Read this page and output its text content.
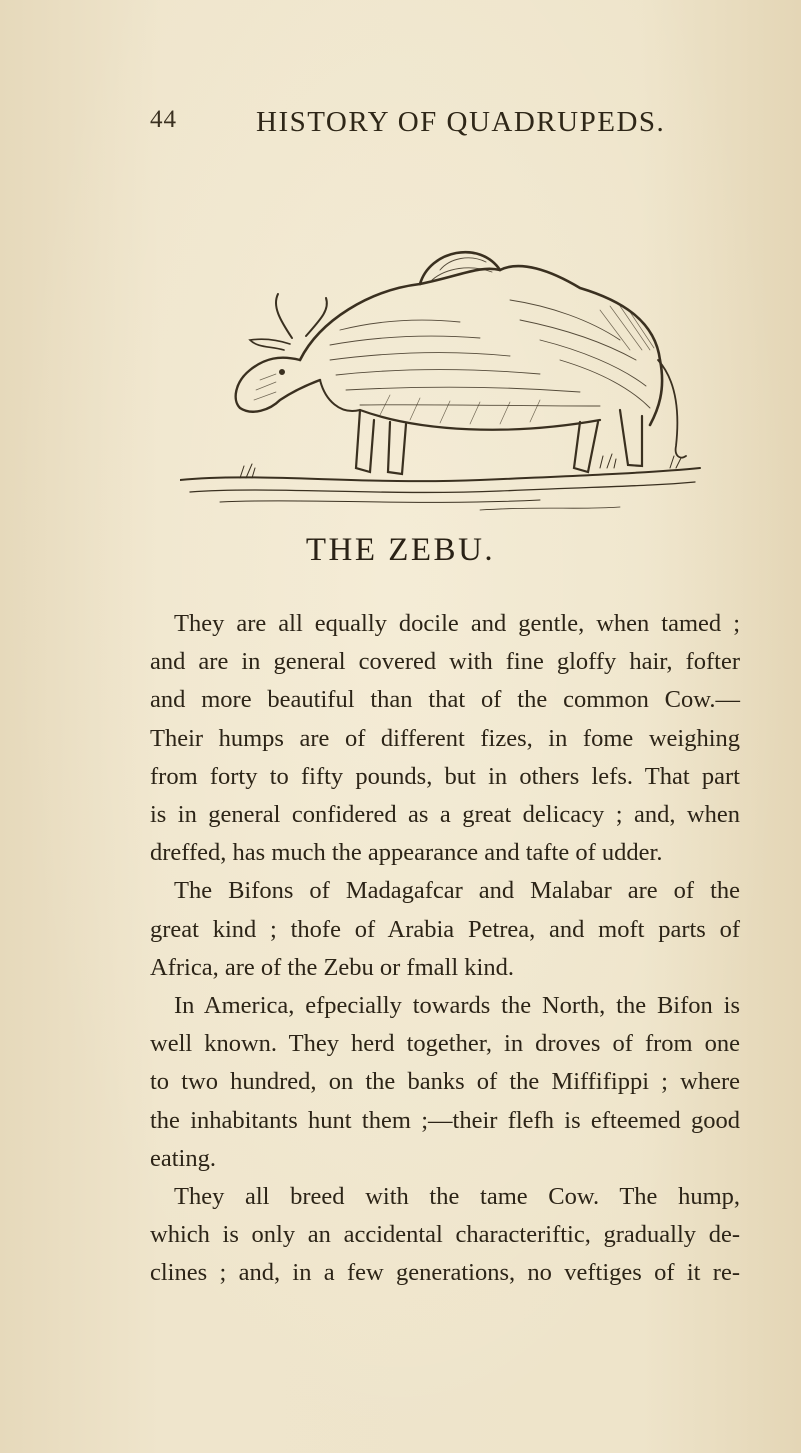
44	HISTORY OF QUADRUPEDS.
THE ZEBU.
They are all equally docile and gentle, when tamed ;
and are in general covered with fine gloffy hair, fofter
and more beautiful than that of the common Cow.—
Their humps are of different fizes, in fome weighing
from forty to fifty pounds, but in others lefs. That part
is in general confidered as a great delicacy ; and, when
dreffed, has much the appearance and tafte of udder.
The Bifons of Madagafcar and Malabar are of the
great kind ; thofe of Arabia Petrea, and moft parts of
Africa, are of the Zebu or fmall kind.
In America, efpecially towards the North, the Bifon is
well known. They herd together, in droves of from one
to two hundred, on the banks of the Miffifippi ; where
the inhabitants hunt them ;—their flefh is efteemed good
eating.
They all breed with the tame Cow. The hump,
which is only an accidental characteriftic, gradually de-
clines ; and, in a few generations, no veftiges of it re-
